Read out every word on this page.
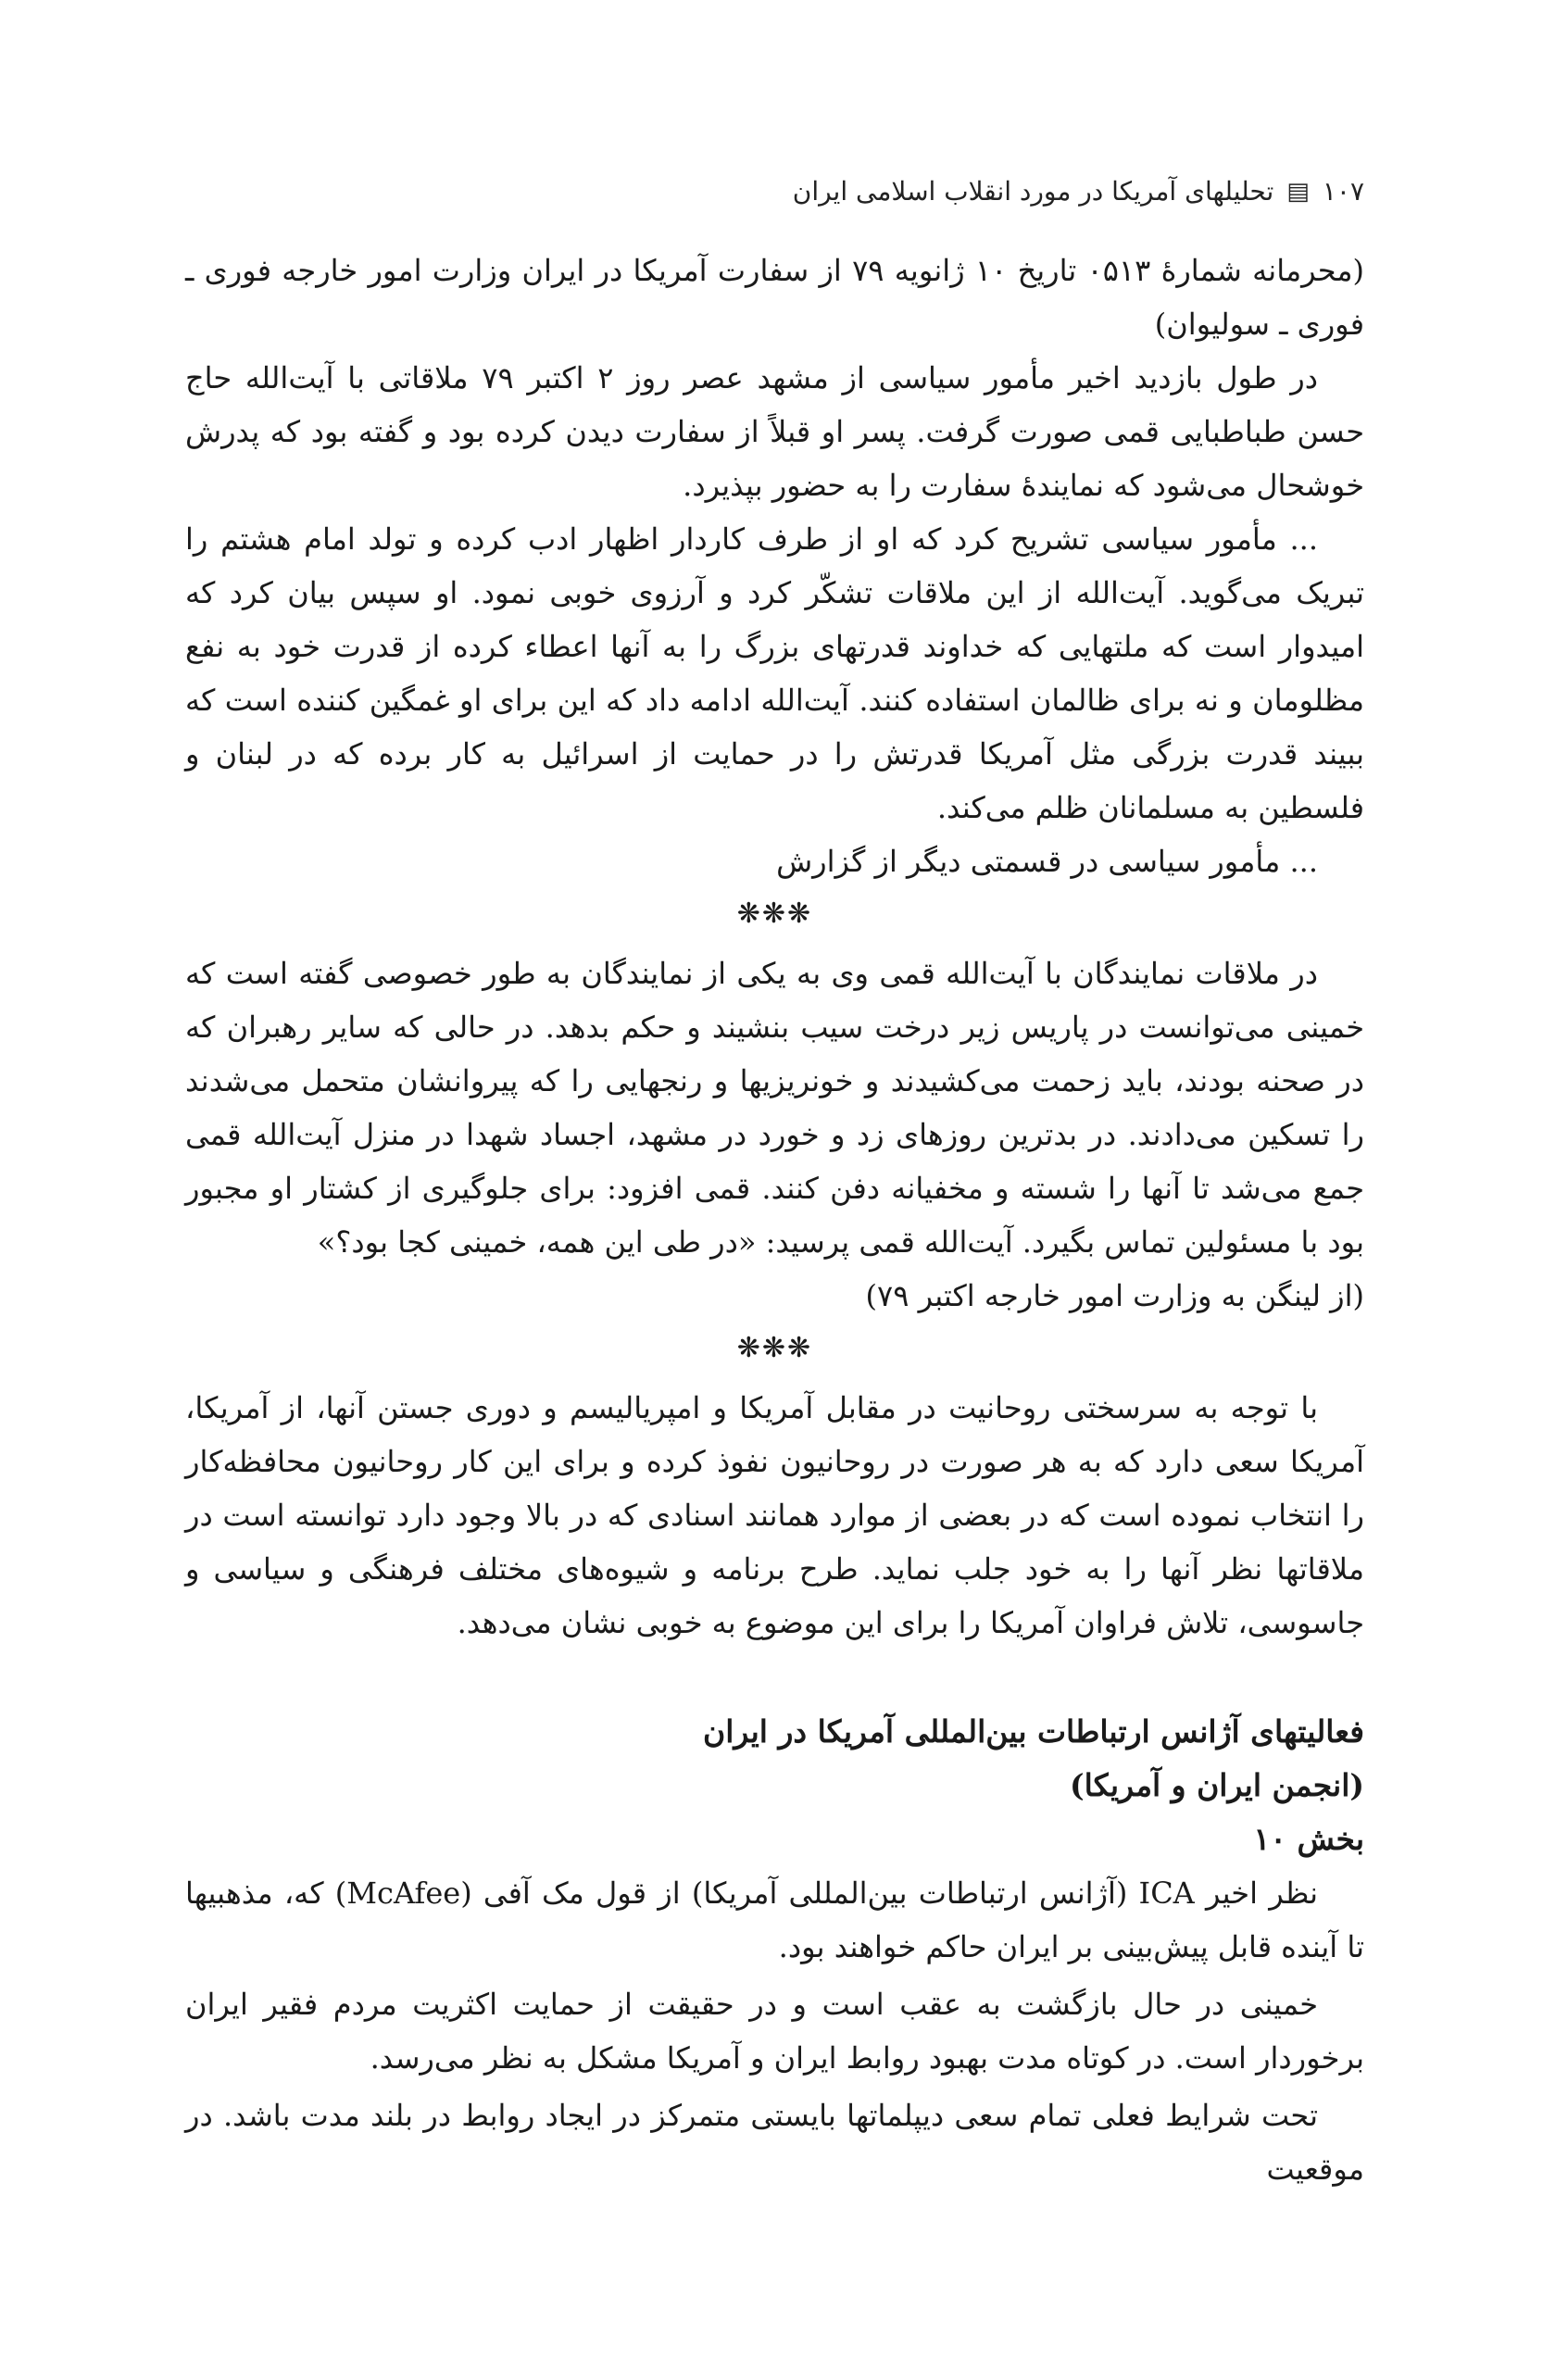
۱۰۷
▤
تحلیلهای آمریکا در مورد انقلاب اسلامی ایران

(محرمانه شمارهٔ ۰۵۱۳ تاریخ ۱۰ ژانویه ۷۹ از سفارت آمریکا در ایران وزارت امور خارجه فوری ـ فوری ـ سولیوان)

در طول بازدید اخیر مأمور سیاسی از مشهد عصر روز ۲ اکتبر ۷۹ ملاقاتی با آیت‌الله حاج حسن طباطبایی قمی صورت گرفت. پسر او قبلاً از سفارت دیدن کرده بود و گفته بود که پدرش خوشحال می‌شود که نمایندهٔ سفارت را به حضور بپذیرد.

... مأمور سیاسی تشریح کرد که او از طرف کاردار اظهار ادب کرده و تولد امام هشتم را تبریک می‌گوید. آیت‌الله از این ملاقات تشکّر کرد و آرزوی خوبی نمود. او سپس بیان کرد که امیدوار است که ملتهایی که خداوند قدرتهای بزرگ را به آنها اعطاء کرده از قدرت خود به نفع مظلومان و نه برای ظالمان استفاده کنند. آیت‌الله ادامه داد که این برای او غمگین کننده است که ببیند قدرت بزرگی مثل آمریکا قدرتش را در حمایت از اسرائیل به کار برده که در لبنان و فلسطین به مسلمانان ظلم می‌کند.

... مأمور سیاسی در قسمتی دیگر از گزارش

❋❋❋

در ملاقات نمایندگان با آیت‌الله قمی وی به یکی از نمایندگان به طور خصوصی گفته است که خمینی می‌توانست در پاریس زیر درخت سیب بنشیند و حکم بدهد. در حالی که سایر رهبران که در صحنه بودند، باید زحمت می‌کشیدند و خونریزیها و رنجهایی را که پیروانشان متحمل می‌شدند را تسکین می‌دادند. در بدترین روزهای زد و خورد در مشهد، اجساد شهدا در منزل آیت‌الله قمی جمع می‌شد تا آنها را شسته و مخفیانه دفن کنند. قمی افزود: برای جلوگیری از کشتار او مجبور بود با مسئولین تماس بگیرد. آیت‌الله قمی پرسید: «در طی این همه، خمینی کجا بود؟»

(از لینگن به وزارت امور خارجه اکتبر ۷۹)

❋❋❋

با توجه به سرسختی روحانیت در مقابل آمریکا و امپریالیسم و دوری جستن آنها، از آمریکا، آمریکا سعی دارد که به هر صورت در روحانیون نفوذ کرده و برای این کار روحانیون محافظه‌کار را انتخاب نموده است که در بعضی از موارد همانند اسنادی که در بالا وجود دارد توانسته است در ملاقاتها نظر آنها را به خود جلب نماید. طرح برنامه و شیوه‌های مختلف فرهنگی و سیاسی و جاسوسی، تلاش فراوان آمریکا را برای این موضوع به خوبی نشان می‌دهد.

فعالیتهای آژانس ارتباطات بین‌المللی آمریکا در ایران

(انجمن ایران و آمریکا)

بخش ۱۰

نظر اخیر ICA (آژانس ارتباطات بین‌المللی آمریکا) از قول مک آفی (McAfee) که، مذهبیها تا آینده قابل پیش‌بینی بر ایران حاکم خواهند بود.

خمینی در حال بازگشت به عقب است و در حقیقت از حمایت اکثریت مردم فقیر ایران برخوردار است. در کوتاه مدت بهبود روابط ایران و آمریکا مشکل به نظر می‌رسد.

تحت شرایط فعلی تمام سعی دیپلماتها بایستی متمرکز در ایجاد روابط در بلند مدت باشد. در موقعیت
